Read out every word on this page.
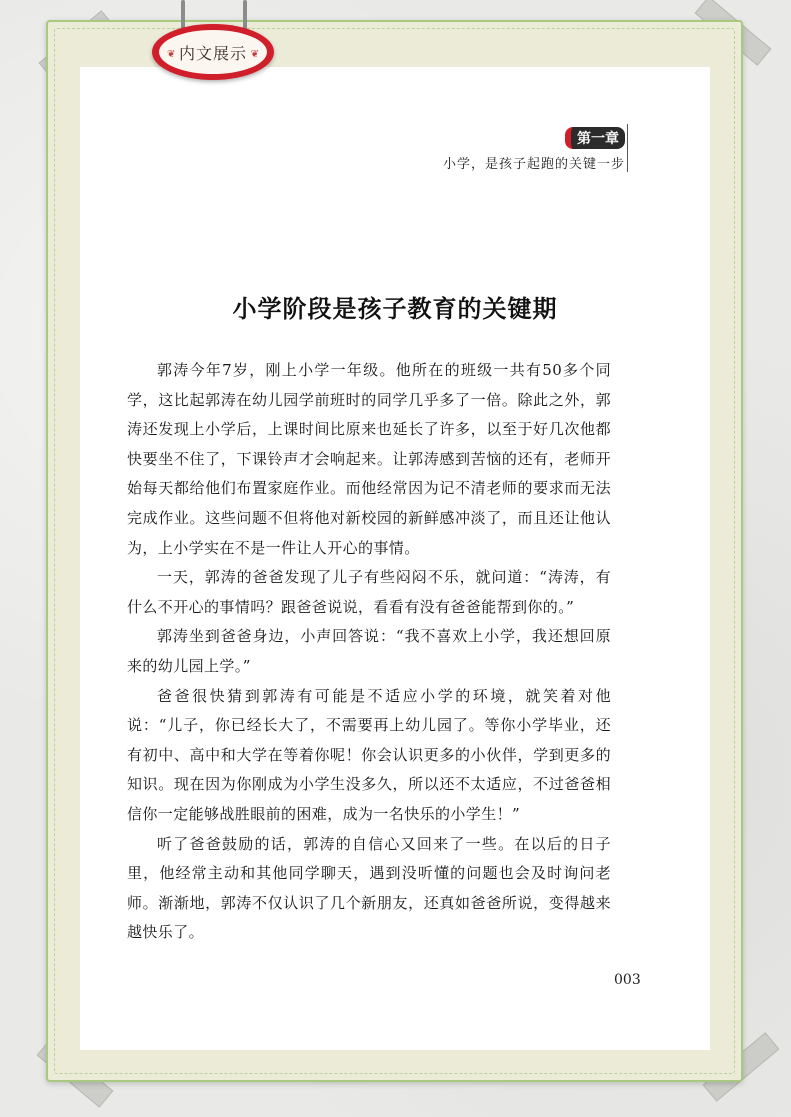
❦ 内文展示 ❦
第一章
小学，是孩子起跑的关键一步
小学阶段是孩子教育的关键期

郭涛今年7岁，刚上小学一年级。他所在的班级一共有50多个同学，这比起郭涛在幼儿园学前班时的同学几乎多了一倍。除此之外，郭涛还发现上小学后，上课时间比原来也延长了许多，以至于好几次他都快要坐不住了，下课铃声才会响起来。让郭涛感到苦恼的还有，老师开始每天都给他们布置家庭作业。而他经常因为记不清老师的要求而无法完成作业。这些问题不但将他对新校园的新鲜感冲淡了，而且还让他认为，上小学实在不是一件让人开心的事情。

一天，郭涛的爸爸发现了儿子有些闷闷不乐，就问道：“涛涛，有什么不开心的事情吗？跟爸爸说说，看看有没有爸爸能帮到你的。”

郭涛坐到爸爸身边，小声回答说：“我不喜欢上小学，我还想回原来的幼儿园上学。”

爸爸很快猜到郭涛有可能是不适应小学的环境，就笑着对他说：“儿子，你已经长大了，不需要再上幼儿园了。等你小学毕业，还有初中、高中和大学在等着你呢！你会认识更多的小伙伴，学到更多的知识。现在因为你刚成为小学生没多久，所以还不太适应，不过爸爸相信你一定能够战胜眼前的困难，成为一名快乐的小学生！”

听了爸爸鼓励的话，郭涛的自信心又回来了一些。在以后的日子里，他经常主动和其他同学聊天，遇到没听懂的问题也会及时询问老师。渐渐地，郭涛不仅认识了几个新朋友，还真如爸爸所说，变得越来越快乐了。

003
